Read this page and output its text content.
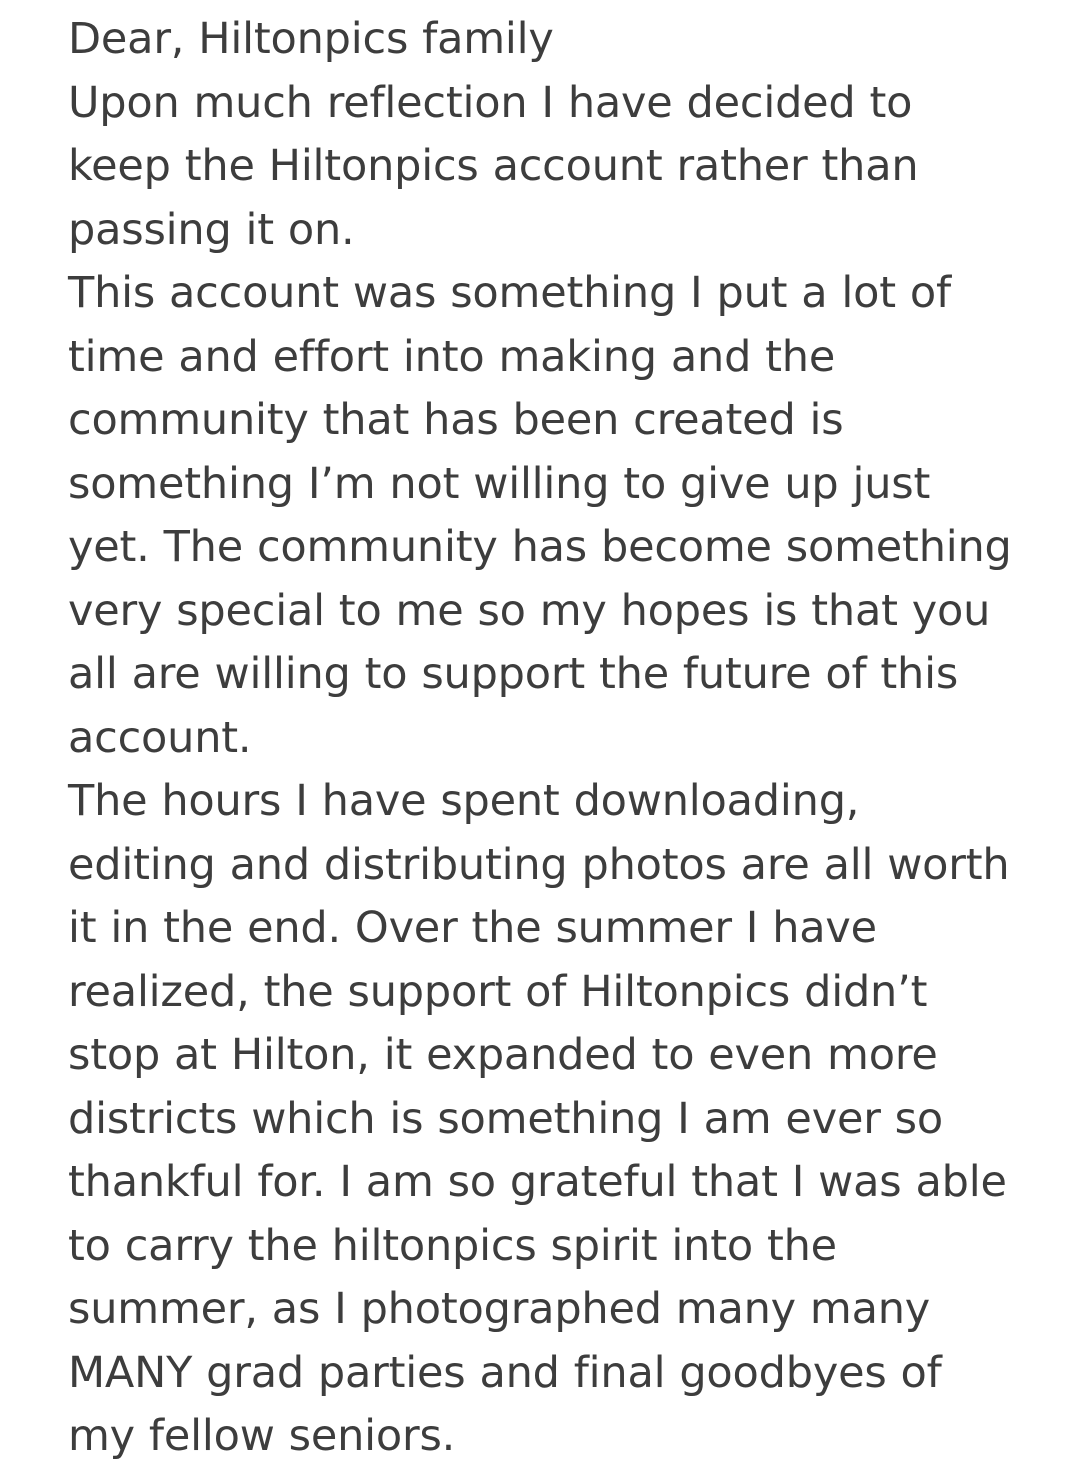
Dear, Hiltonpics family

Upon much reflection I have decided to keep the Hiltonpics account rather than passing it on.

This account was something I put a lot of time and effort into making and the community that has been created is something I’m not willing to give up just yet. The community has become something very special to me so my hopes is that you all are willing to support the future of this account.

The hours I have spent downloading, editing and distributing photos are all worth it in the end. Over the summer I have realized, the support of Hiltonpics didn’t stop at Hilton, it expanded to even more districts which is something I am ever so thankful for. I am so grateful that I was able to carry the hiltonpics spirit into the summer, as I photographed many many MANY grad parties and final goodbyes of my fellow seniors.
